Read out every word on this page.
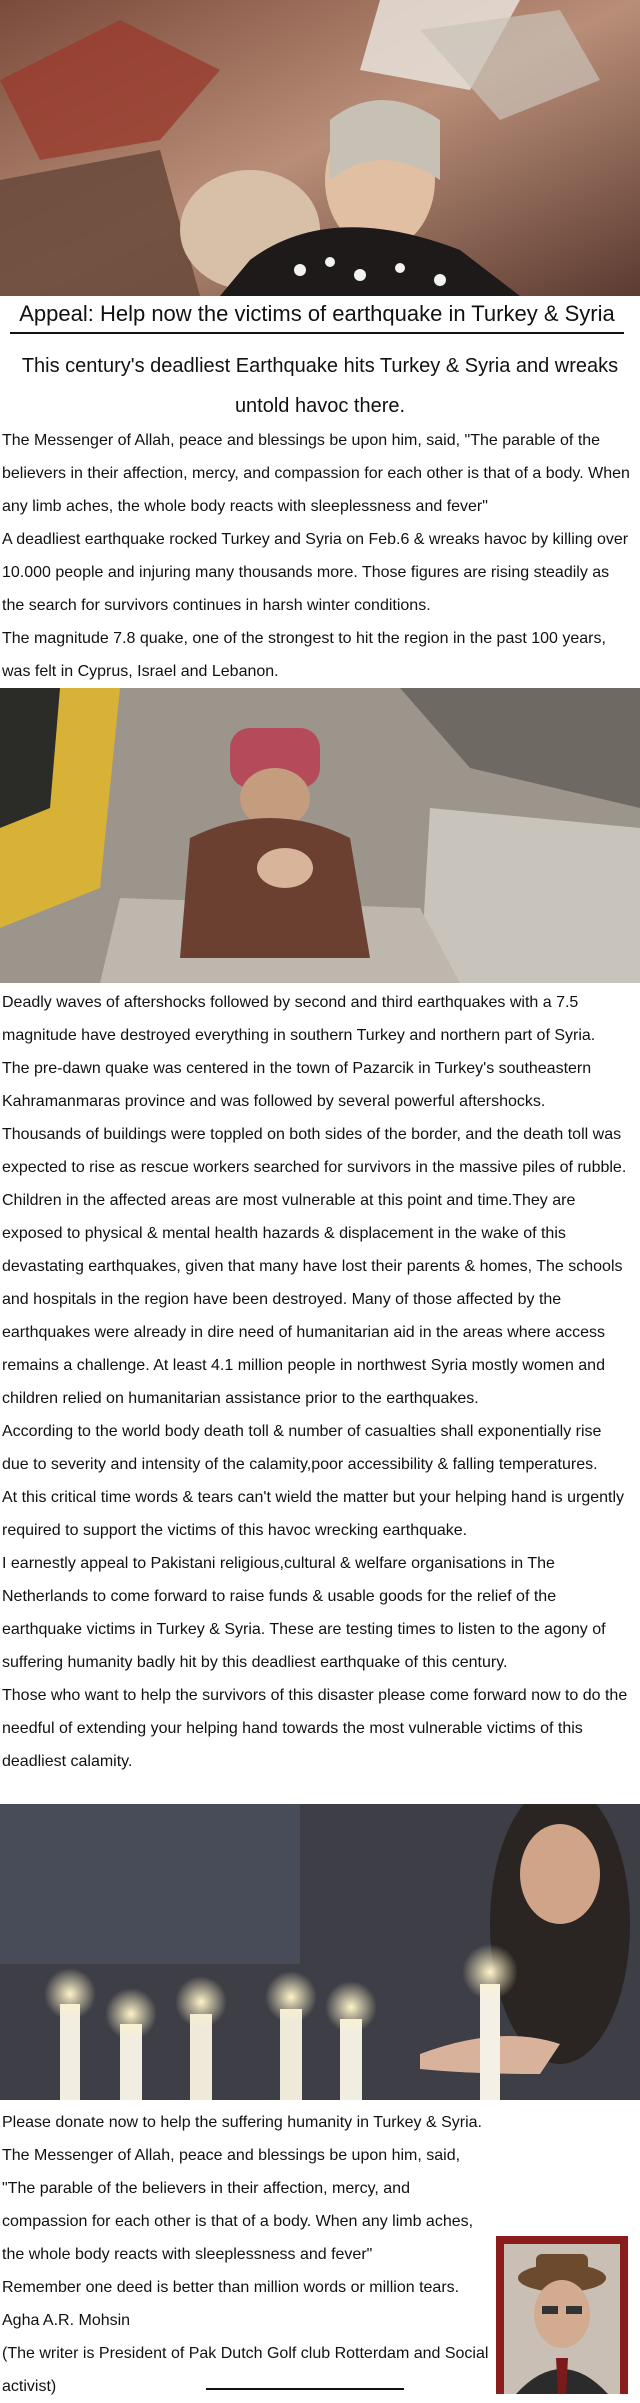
Appeal: Help now the victims of earthquake in Turkey & Syria
This century's deadliest Earthquake hits Turkey & Syria and wreaks untold havoc there.

The Messenger of Allah, peace and blessings be upon him, said, "The parable of the believers in their affection, mercy, and compassion for each other is that of a body. When any limb aches, the whole body reacts with sleeplessness and fever"

A deadliest earthquake rocked Turkey and Syria on Feb.6 & wreaks havoc by killing over 10.000 people and injuring many thousands more. Those figures are rising steadily as the search for survivors continues in harsh winter conditions.

The magnitude 7.8 quake, one of the strongest to hit the region in the past 100 years, was felt in Cyprus, Israel and Lebanon.

Deadly waves of aftershocks followed by second and third earthquakes with a 7.5 magnitude have destroyed everything in southern Turkey and northern part of Syria.

The pre-dawn quake was centered in the town of Pazarcik in Turkey's southeastern Kahramanmaras province and was followed by several powerful aftershocks.

Thousands of buildings were toppled on both sides of the border, and the death toll was expected to rise as rescue workers searched for survivors in the massive piles of rubble.

Children in the affected areas are most vulnerable at this point and time.They are exposed to physical & mental health hazards & displacement in the wake of this devastating earthquakes, given that many have lost their parents & homes, The schools and hospitals in the region have been destroyed. Many of those affected by the earthquakes were already in dire need of humanitarian aid in the areas where access remains a challenge. At least 4.1 million people in northwest Syria mostly women and children relied on humanitarian assistance prior to the earthquakes.

According to the world body death toll & number of casualties shall exponentially rise due to severity and intensity of the calamity,poor accessibility & falling temperatures.

At this critical time words & tears can't wield the matter but your helping hand is urgently required to support the victims of this havoc wrecking earthquake.

I earnestly appeal to Pakistani religious,cultural & welfare organisations in The Netherlands to come forward to raise funds & usable goods for the relief of the earthquake victims in Turkey & Syria. These are testing times to listen to the agony of suffering humanity badly hit by this deadliest earthquake of this century.

Those who want to help the survivors of this disaster please come forward now to do the needful of extending your helping hand towards the most vulnerable victims of this deadliest calamity.

Please donate now to help the suffering humanity in Turkey & Syria.

The Messenger of Allah, peace and blessings be upon him, said, "The parable of the believers in their affection, mercy, and compassion for each other is that of a body. When any limb aches, the whole body reacts with sleeplessness and fever"

Remember one deed is better than million words or million tears.

Agha A.R. Mohsin

(The writer is President of Pak Dutch Golf club Rotterdam and Social activist)
